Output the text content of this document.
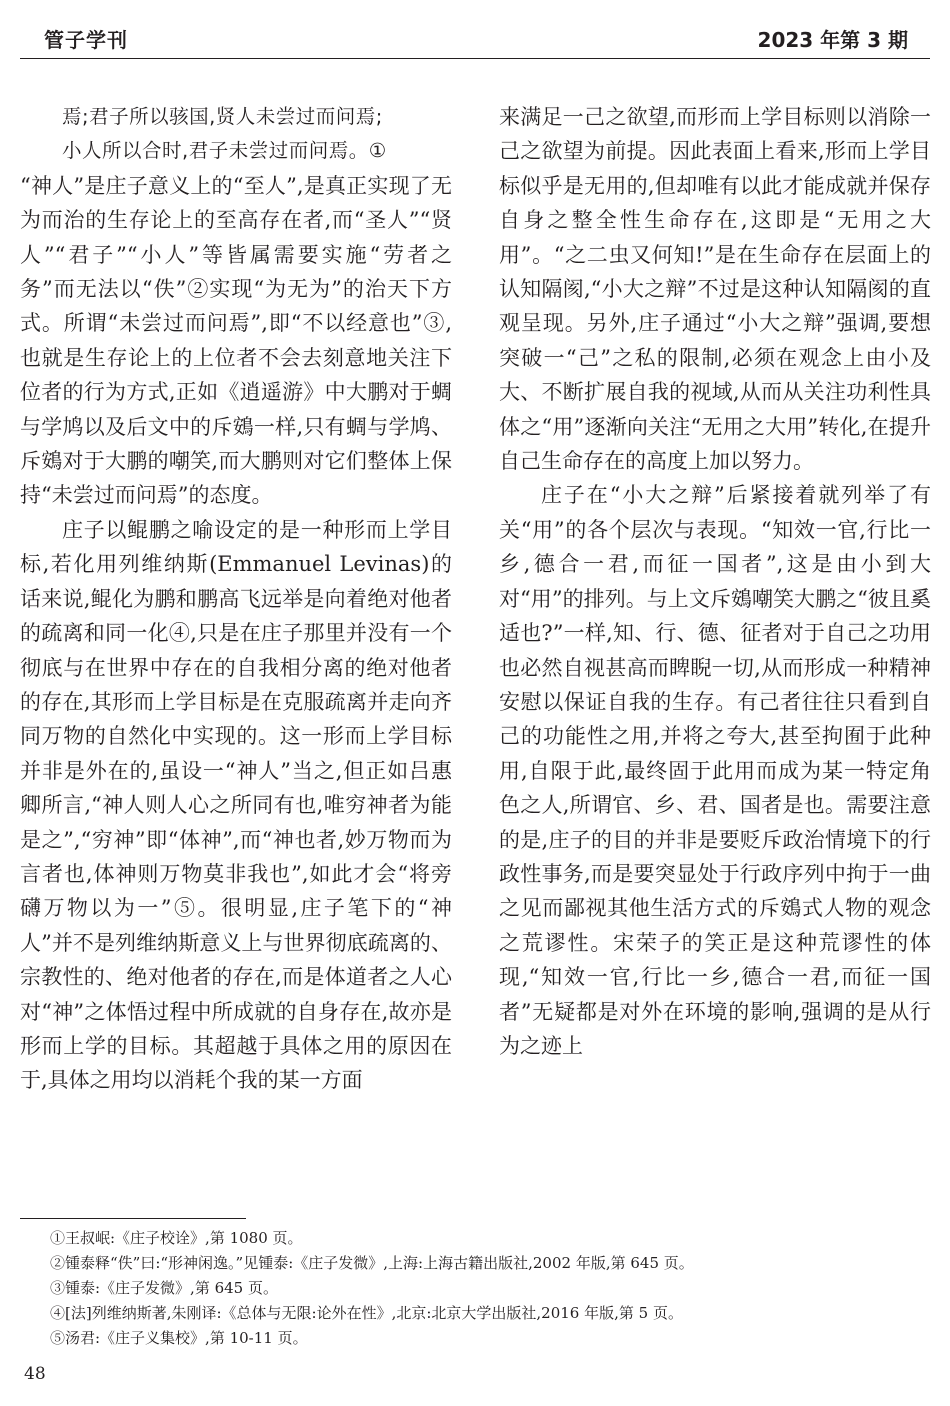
管子学刊	2023 年第 3 期

焉;君子所以骇国,贤人未尝过而问焉;

小人所以合时,君子未尝过而问焉。①

“神人”是庄子意义上的“至人”,是真正实现了无为而治的生存论上的至高存在者,而“圣人”“贤人”“君子”“小人”等皆属需要实施“劳者之务”而无法以“佚”②实现“为无为”的治天下方式。所谓“未尝过而问焉”,即“不以经意也”③,也就是生存论上的上位者不会去刻意地关注下位者的行为方式,正如《逍遥游》中大鹏对于蜩与学鸠以及后文中的斥鴳一样,只有蜩与学鸠、斥鴳对于大鹏的嘲笑,而大鹏则对它们整体上保持“未尝过而问焉”的态度。

庄子以鲲鹏之喻设定的是一种形而上学目标,若化用列维纳斯(Emmanuel Levinas)的话来说,鲲化为鹏和鹏高飞远举是向着绝对他者的疏离和同一化④,只是在庄子那里并没有一个彻底与在世界中存在的自我相分离的绝对他者的存在,其形而上学目标是在克服疏离并走向齐同万物的自然化中实现的。这一形而上学目标并非是外在的,虽设一“神人”当之,但正如吕惠卿所言,“神人则人心之所同有也,唯穷神者为能是之”,“穷神”即“体神”,而“神也者,妙万物而为言者也,体神则万物莫非我也”,如此才会“将旁礴万物以为一”⑤。很明显,庄子笔下的“神人”并不是列维纳斯意义上与世界彻底疏离的、宗教性的、绝对他者的存在,而是体道者之人心对“神”之体悟过程中所成就的自身存在,故亦是形而上学的目标。其超越于具体之用的原因在于,具体之用均以消耗个我的某一方面

来满足一己之欲望,而形而上学目标则以消除一己之欲望为前提。因此表面上看来,形而上学目标似乎是无用的,但却唯有以此才能成就并保存自身之整全性生命存在,这即是“无用之大用”。“之二虫又何知!”是在生命存在层面上的认知隔阂,“小大之辩”不过是这种认知隔阂的直观呈现。另外,庄子通过“小大之辩”强调,要想突破一“己”之私的限制,必须在观念上由小及大、不断扩展自我的视域,从而从关注功利性具体之“用”逐渐向关注“无用之大用”转化,在提升自己生命存在的高度上加以努力。

庄子在“小大之辩”后紧接着就列举了有关“用”的各个层次与表现。“知效一官,行比一乡,德合一君,而征一国者”,这是由小到大对“用”的排列。与上文斥鴳嘲笑大鹏之“彼且奚适也?”一样,知、行、德、征者对于自己之功用也必然自视甚高而睥睨一切,从而形成一种精神安慰以保证自我的生存。有己者往往只看到自己的功能性之用,并将之夸大,甚至拘囿于此种用,自限于此,最终固于此用而成为某一特定角色之人,所谓官、乡、君、国者是也。需要注意的是,庄子的目的并非是要贬斥政治情境下的行政性事务,而是要突显处于行政序列中拘于一曲之见而鄙视其他生活方式的斥鴳式人物的观念之荒谬性。宋荣子的笑正是这种荒谬性的体现,“知效一官,行比一乡,德合一君,而征一国者”无疑都是对外在环境的影响,强调的是从行为之迹上

①王叔岷:《庄子校诠》,第 1080 页。
②锺泰释“佚”曰:“形神闲逸。”见锺泰:《庄子发微》,上海:上海古籍出版社,2002 年版,第 645 页。
③锺泰:《庄子发微》,第 645 页。
④[法]列维纳斯著,朱刚译:《总体与无限:论外在性》,北京:北京大学出版社,2016 年版,第 5 页。
⑤汤君:《庄子义集校》,第 10-11 页。
48
